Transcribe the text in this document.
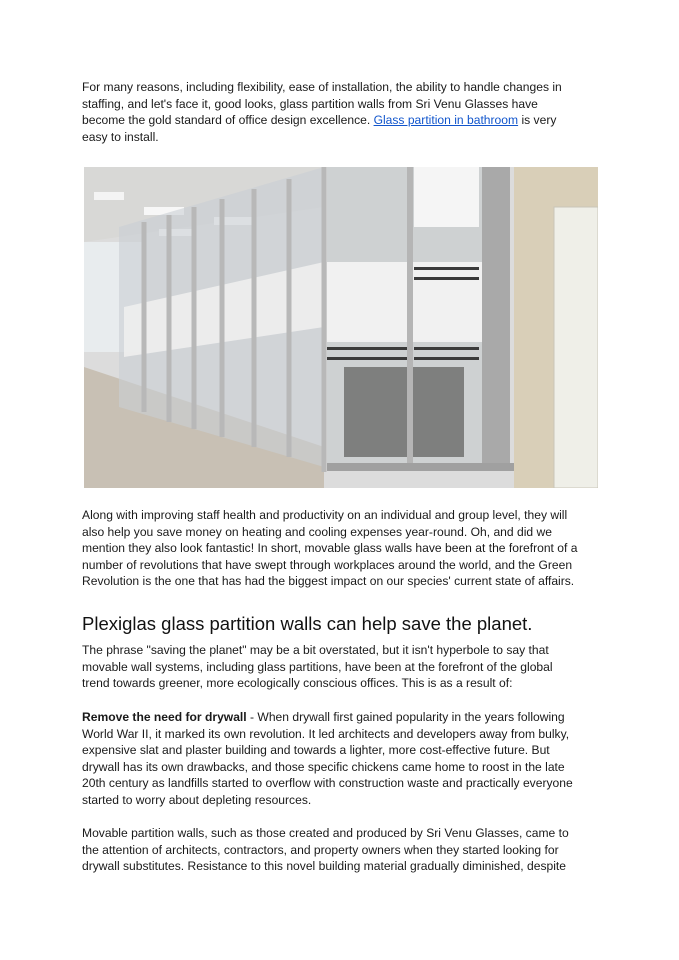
For many reasons, including flexibility, ease of installation, the ability to handle changes in
staffing, and let's face it, good looks, glass partition walls from Sri Venu Glasses have
become the gold standard of office design excellence. Glass partition in bathroom is very
easy to install.
Along with improving staff health and productivity on an individual and group level, they will
also help you save money on heating and cooling expenses year-round. Oh, and did we
mention they also look fantastic! In short, movable glass walls have been at the forefront of a
number of revolutions that have swept through workplaces around the world, and the Green
Revolution is the one that has had the biggest impact on our species' current state of affairs.
Plexiglas glass partition walls can help save the planet.
The phrase "saving the planet" may be a bit overstated, but it isn't hyperbole to say that
movable wall systems, including glass partitions, have been at the forefront of the global
trend towards greener, more ecologically conscious offices. This is as a result of:
Remove the need for drywall - When drywall first gained popularity in the years following
World War II, it marked its own revolution. It led architects and developers away from bulky,
expensive slat and plaster building and towards a lighter, more cost-effective future. But
drywall has its own drawbacks, and those specific chickens came home to roost in the late
20th century as landfills started to overflow with construction waste and practically everyone
started to worry about depleting resources.
Movable partition walls, such as those created and produced by Sri Venu Glasses, came to
the attention of architects, contractors, and property owners when they started looking for
drywall substitutes. Resistance to this novel building material gradually diminished, despite
